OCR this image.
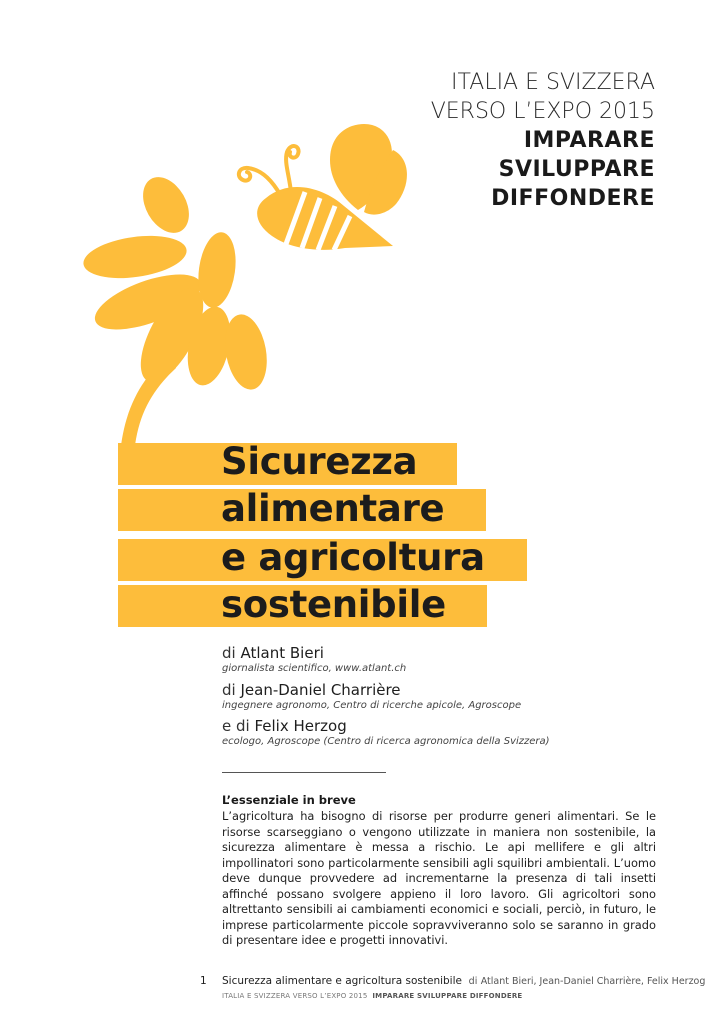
ITALIA E SVIZZERA
VERSO L’EXPO 2015
IMPARARE
SVILUPPARE
DIFFONDERE
Sicurezza
alimentare
e agricoltura
sostenibile
di Atlant Bieri
giornalista scientifico, www.atlant.ch
di Jean-Daniel Charrière
ingegnere agronomo, Centro di ricerche apicole, Agroscope
e di Felix Herzog
ecologo, Agroscope (Centro di ricerca agronomica della Svizzera)
L’essenziale in breve

L’agricoltura ha bisogno di risorse per produrre generi alimentari. Se le risorse scarseggiano o vengono utilizzate in maniera non sostenibile, la sicurezza alimentare è messa a rischio. Le api mellifere e gli altri impollinatori sono particolarmente sensibili agli squilibri ambientali. L’uomo deve dunque provvedere ad incrementarne la presenza di tali insetti affinché possano svolgere appieno il loro lavoro. Gli agricoltori sono altrettanto sensibili ai cambiamenti economici e sociali, perciò, in futuro, le imprese particolarmente piccole sopravviveranno solo se saranno in grado di presentare idee e progetti innovativi.

1 Sicurezza alimentare e agricoltura sostenibile di Atlant Bieri, Jean-Daniel Charrière, Felix Herzog
ITALIA E SVIZZERA VERSO L’EXPO 2015 IMPARARE SVILUPPARE DIFFONDERE
